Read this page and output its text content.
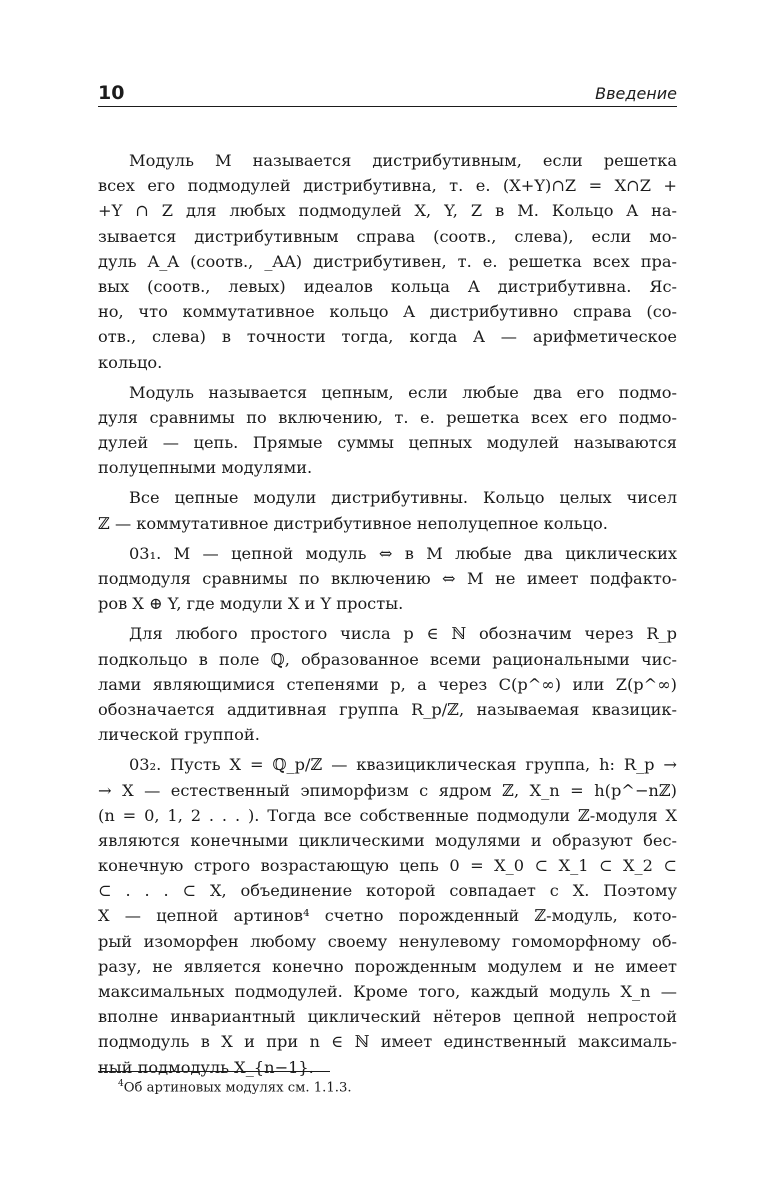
10	Введение
Модуль M называется дистрибутивным, если решетка
всех его подмодулей дистрибутивна, т. е. (X+Y)∩Z = X∩Z +
+Y ∩ Z для любых подмодулей X, Y, Z в M. Кольцо A на-
зывается дистрибутивным справа (соотв., слева), если мо-
дуль A_A (соотв., _AA) дистрибутивен, т. е. решетка всех пра-
вых (соотв., левых) идеалов кольца A дистрибутивна. Яс-
но, что коммутативное кольцо A дистрибутивно справа (со-
отв., слева) в точности тогда, когда A — арифметическое
кольцо.
Модуль называется цепным, если любые два его подмо-
дуля сравнимы по включению, т. е. решетка всех его подмо-
дулей — цепь. Прямые суммы цепных модулей называются
полуцепными модулями.
Все цепные модули дистрибутивны. Кольцо целых чисел
ℤ — коммутативное дистрибутивное неполуцепное кольцо.
03₁. M — цепной модуль ⇔ в M любые два циклических
подмодуля сравнимы по включению ⇔ M не имеет подфакто-
ров X ⊕ Y, где модули X и Y просты.
Для любого простого числа p ∈ ℕ обозначим через R_p
подкольцо в поле ℚ, образованное всеми рациональными чис-
лами являющимися степенями p, а через C(p^∞) или Z(p^∞)
обозначается аддитивная группа R_p/ℤ, называемая квазицик-
лической группой.
03₂. Пусть X = ℚ_p/ℤ — квазициклическая группа, h: R_p →
→ X — естественный эпиморфизм с ядром ℤ, X_n = h(p^−nℤ)
(n = 0, 1, 2 . . . ). Тогда все собственные подмодули ℤ-модуля X
являются конечными циклическими модулями и образуют бес-
конечную строго возрастающую цепь 0 = X_0 ⊂ X_1 ⊂ X_2 ⊂
⊂ . . . ⊂ X, объединение которой совпадает с X. Поэтому
X — цепной артинов⁴ счетно порожденный ℤ-модуль, кото-
рый изоморфен любому своему ненулевому гомоморфному об-
разу, не является конечно порожденным модулем и не имеет
максимальных подмодулей. Кроме того, каждый модуль X_n —
вполне инвариантный циклический нётеров цепной непростой
подмодуль в X и при n ∈ ℕ имеет единственный максималь-
ный подмодуль X_{n−1}.
$^4$Об артиновых модулях см. 1.1.3.
